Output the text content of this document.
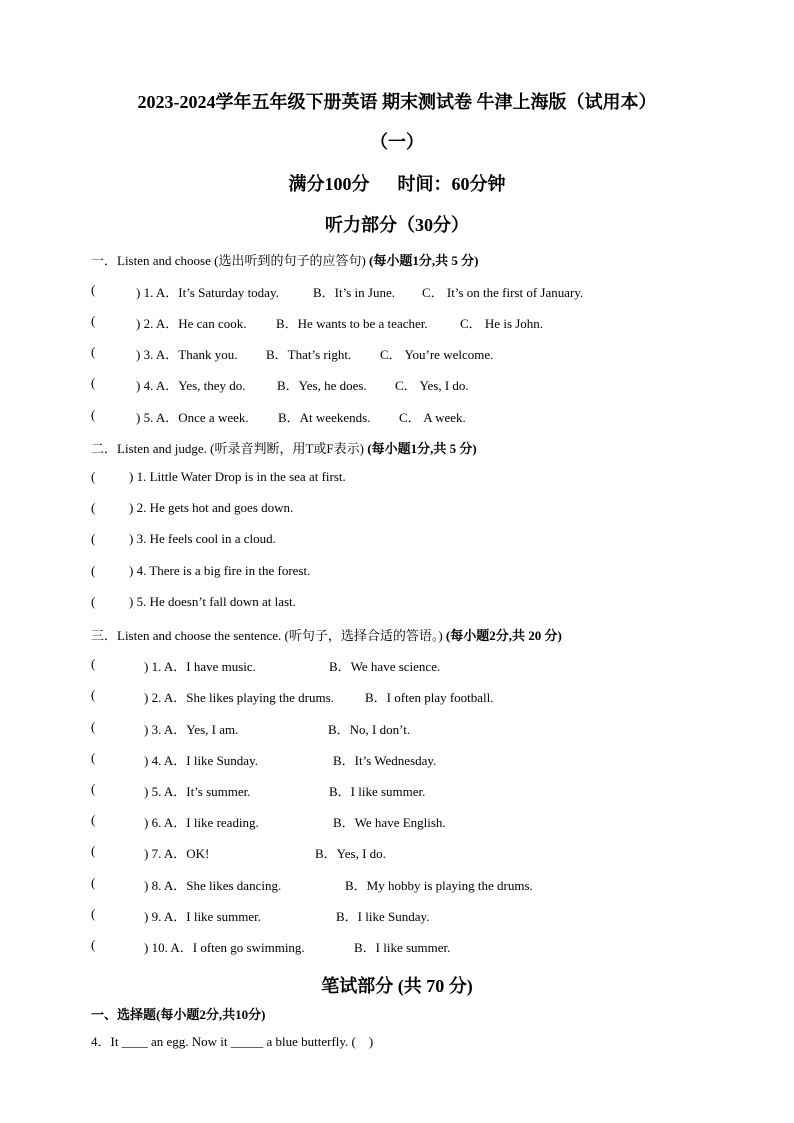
2023-2024学年五年级下册英语 期末测试卷 牛津上海版（试用本）
（一）
满分100分 时间：60分钟
听力部分（30分）
一．Listen and choose (选出听到的句子的应答句) (每小题1分,共 5 分)
(	) 1. A．It’s Saturday today.	B．It’s in June. C． It’s on the first of January.
(	) 2. A．He can cook. B．He wants to be a teacher. C． He is John.
(	) 3. A．Thank you. B．That’s right. C． You’re welcome.
(	) 4. A．Yes, they do. B．Yes, he does. C． Yes, I do.
(	) 5. A．Once a week. B．At weekends. C． A week.
二．Listen and judge. (听录音判断，用T或F表示) (每小题1分,共 5 分)
(	) 1. Little Water Drop is in the sea at first.
(	) 2. He gets hot and goes down.
(	) 3. He feels cool in a cloud.
(	) 4. There is a big fire in the forest.
(	) 5. He doesn’t fall down at last.
三．Listen and choose the sentence. (听句子，选择合适的答语。) (每小题2分,共 20 分)
(	) 1. A．I have music.	B．We have science.
(	) 2. A．She likes playing the drums. B．I often play football.
(	) 3. A．Yes, I am.	B．No, I don’t.
(	) 4. A．I like Sunday.	B．It’s Wednesday.
(	) 5. A．It’s summer.	B．I like summer.
(	) 6. A．I like reading.	B．We have English.
(	) 7. A．OK!	B．Yes, I do.
(	) 8. A．She likes dancing.	B．My hobby is playing the drums.
(	) 9. A．I like summer.	B．I like Sunday.
(	) 10. A．I often go swimming.	B．I like summer.
笔试部分 (共 70 分)
一、选择题(每小题2分,共10分)
4．It ____ an egg. Now it _____ a blue butterfly. (　)
